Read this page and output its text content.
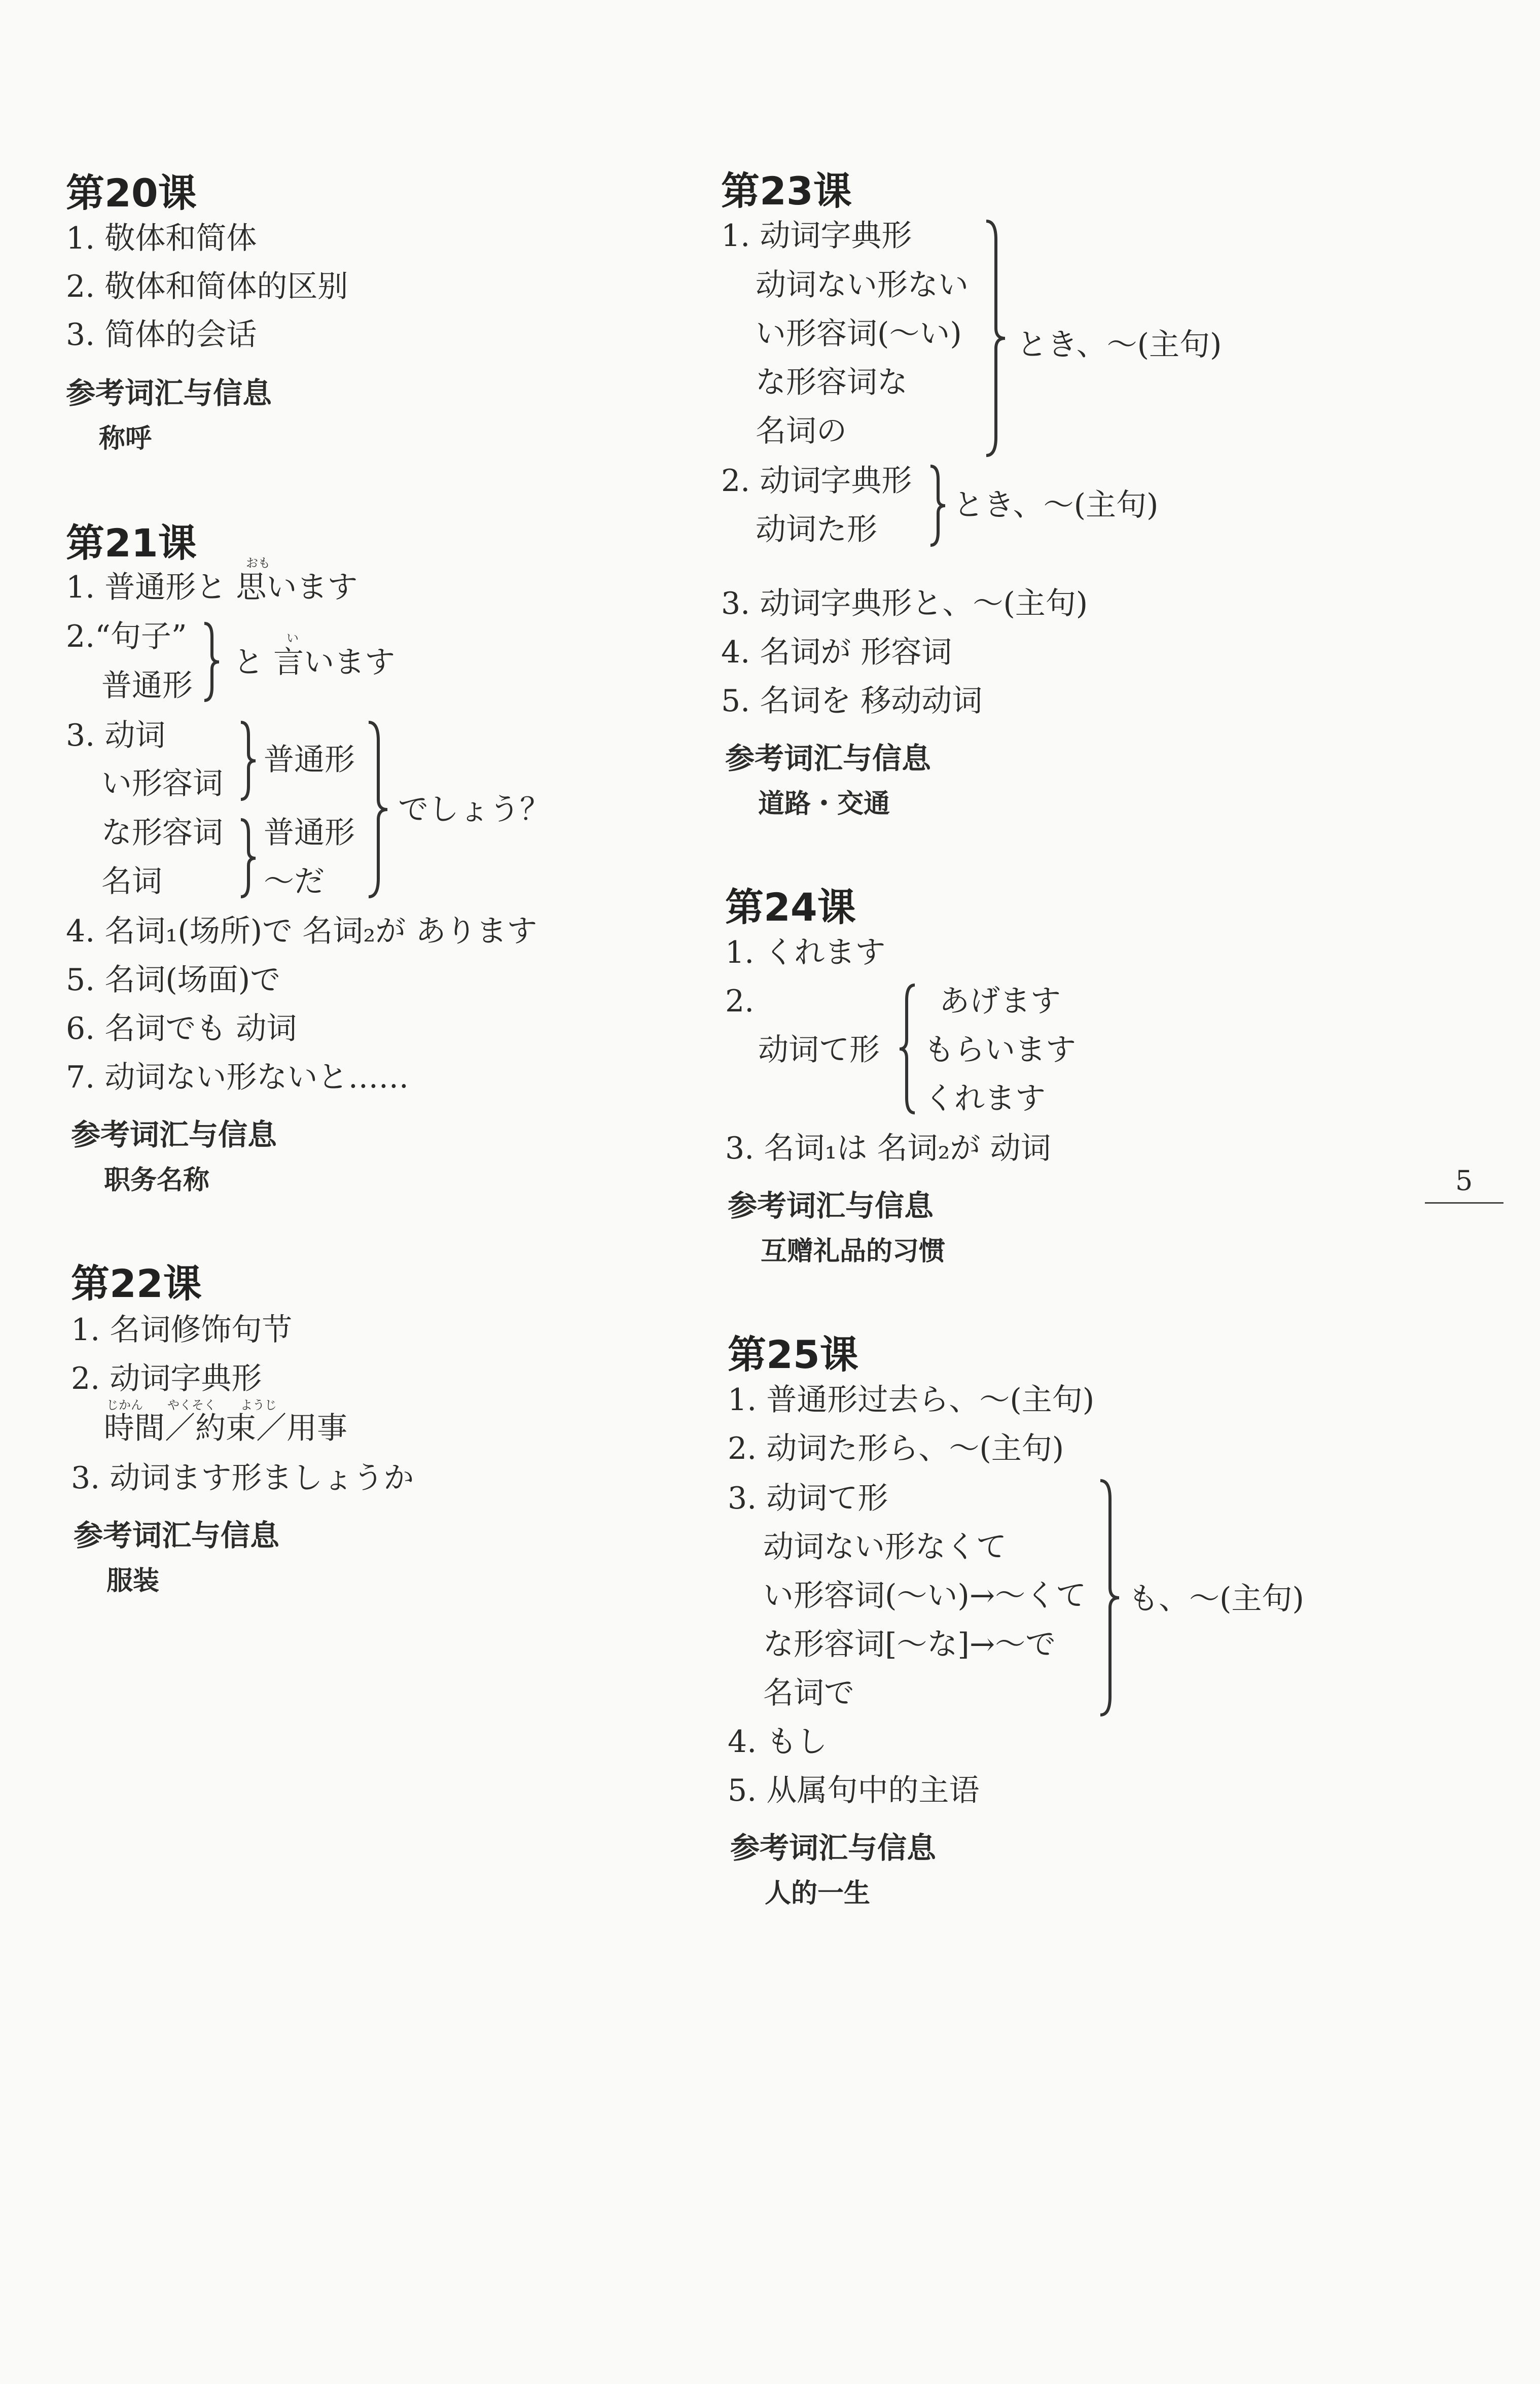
第20课
1. 敬体和简体
2. 敬体和简体的区别
3. 简体的会话
参考词汇与信息
称呼
第21课	おも
1. 普通形と 思います
2.“句子”
普通形
い
と 言います
3. 动词
い形容词
な形容词
名词
普通形
普通形
～だ
でしょう？
4. 名词₁(场所)で 名词₂が あります
5. 名词(场面)で
6. 名词でも 动词
7. 动词ない形ないと……
参考词汇与信息
职务名称
第22课
1. 名词修饰句节
2. 动词字典形
じかん　　やくそく　　ようじ
時間／約束／用事
3. 动词ます形ましょうか
参考词汇与信息
服装
第23课
1. 动词字典形
动词ない形ない
い形容词(～い)
な形容词な
名词の
とき、～(主句)
2. 动词字典形
动词た形
とき、～(主句)
3. 动词字典形と、～(主句)
4. 名词が 形容词
5. 名词を 移动动词
参考词汇与信息
道路・交通
第24课
1. くれます
2.
动词て形
あげます
もらいます
くれます
3. 名词₁は 名词₂が 动词
参考词汇与信息
互赠礼品的习惯
第25课
1. 普通形过去ら、～(主句)
2. 动词た形ら、～(主句)
3. 动词て形
动词ない形なくて
い形容词(～い)→～くて
な形容词[～な]→～で
名词で
も、～(主句)
4. もし
5. 从属句中的主语
参考词汇与信息
人的一生
5
